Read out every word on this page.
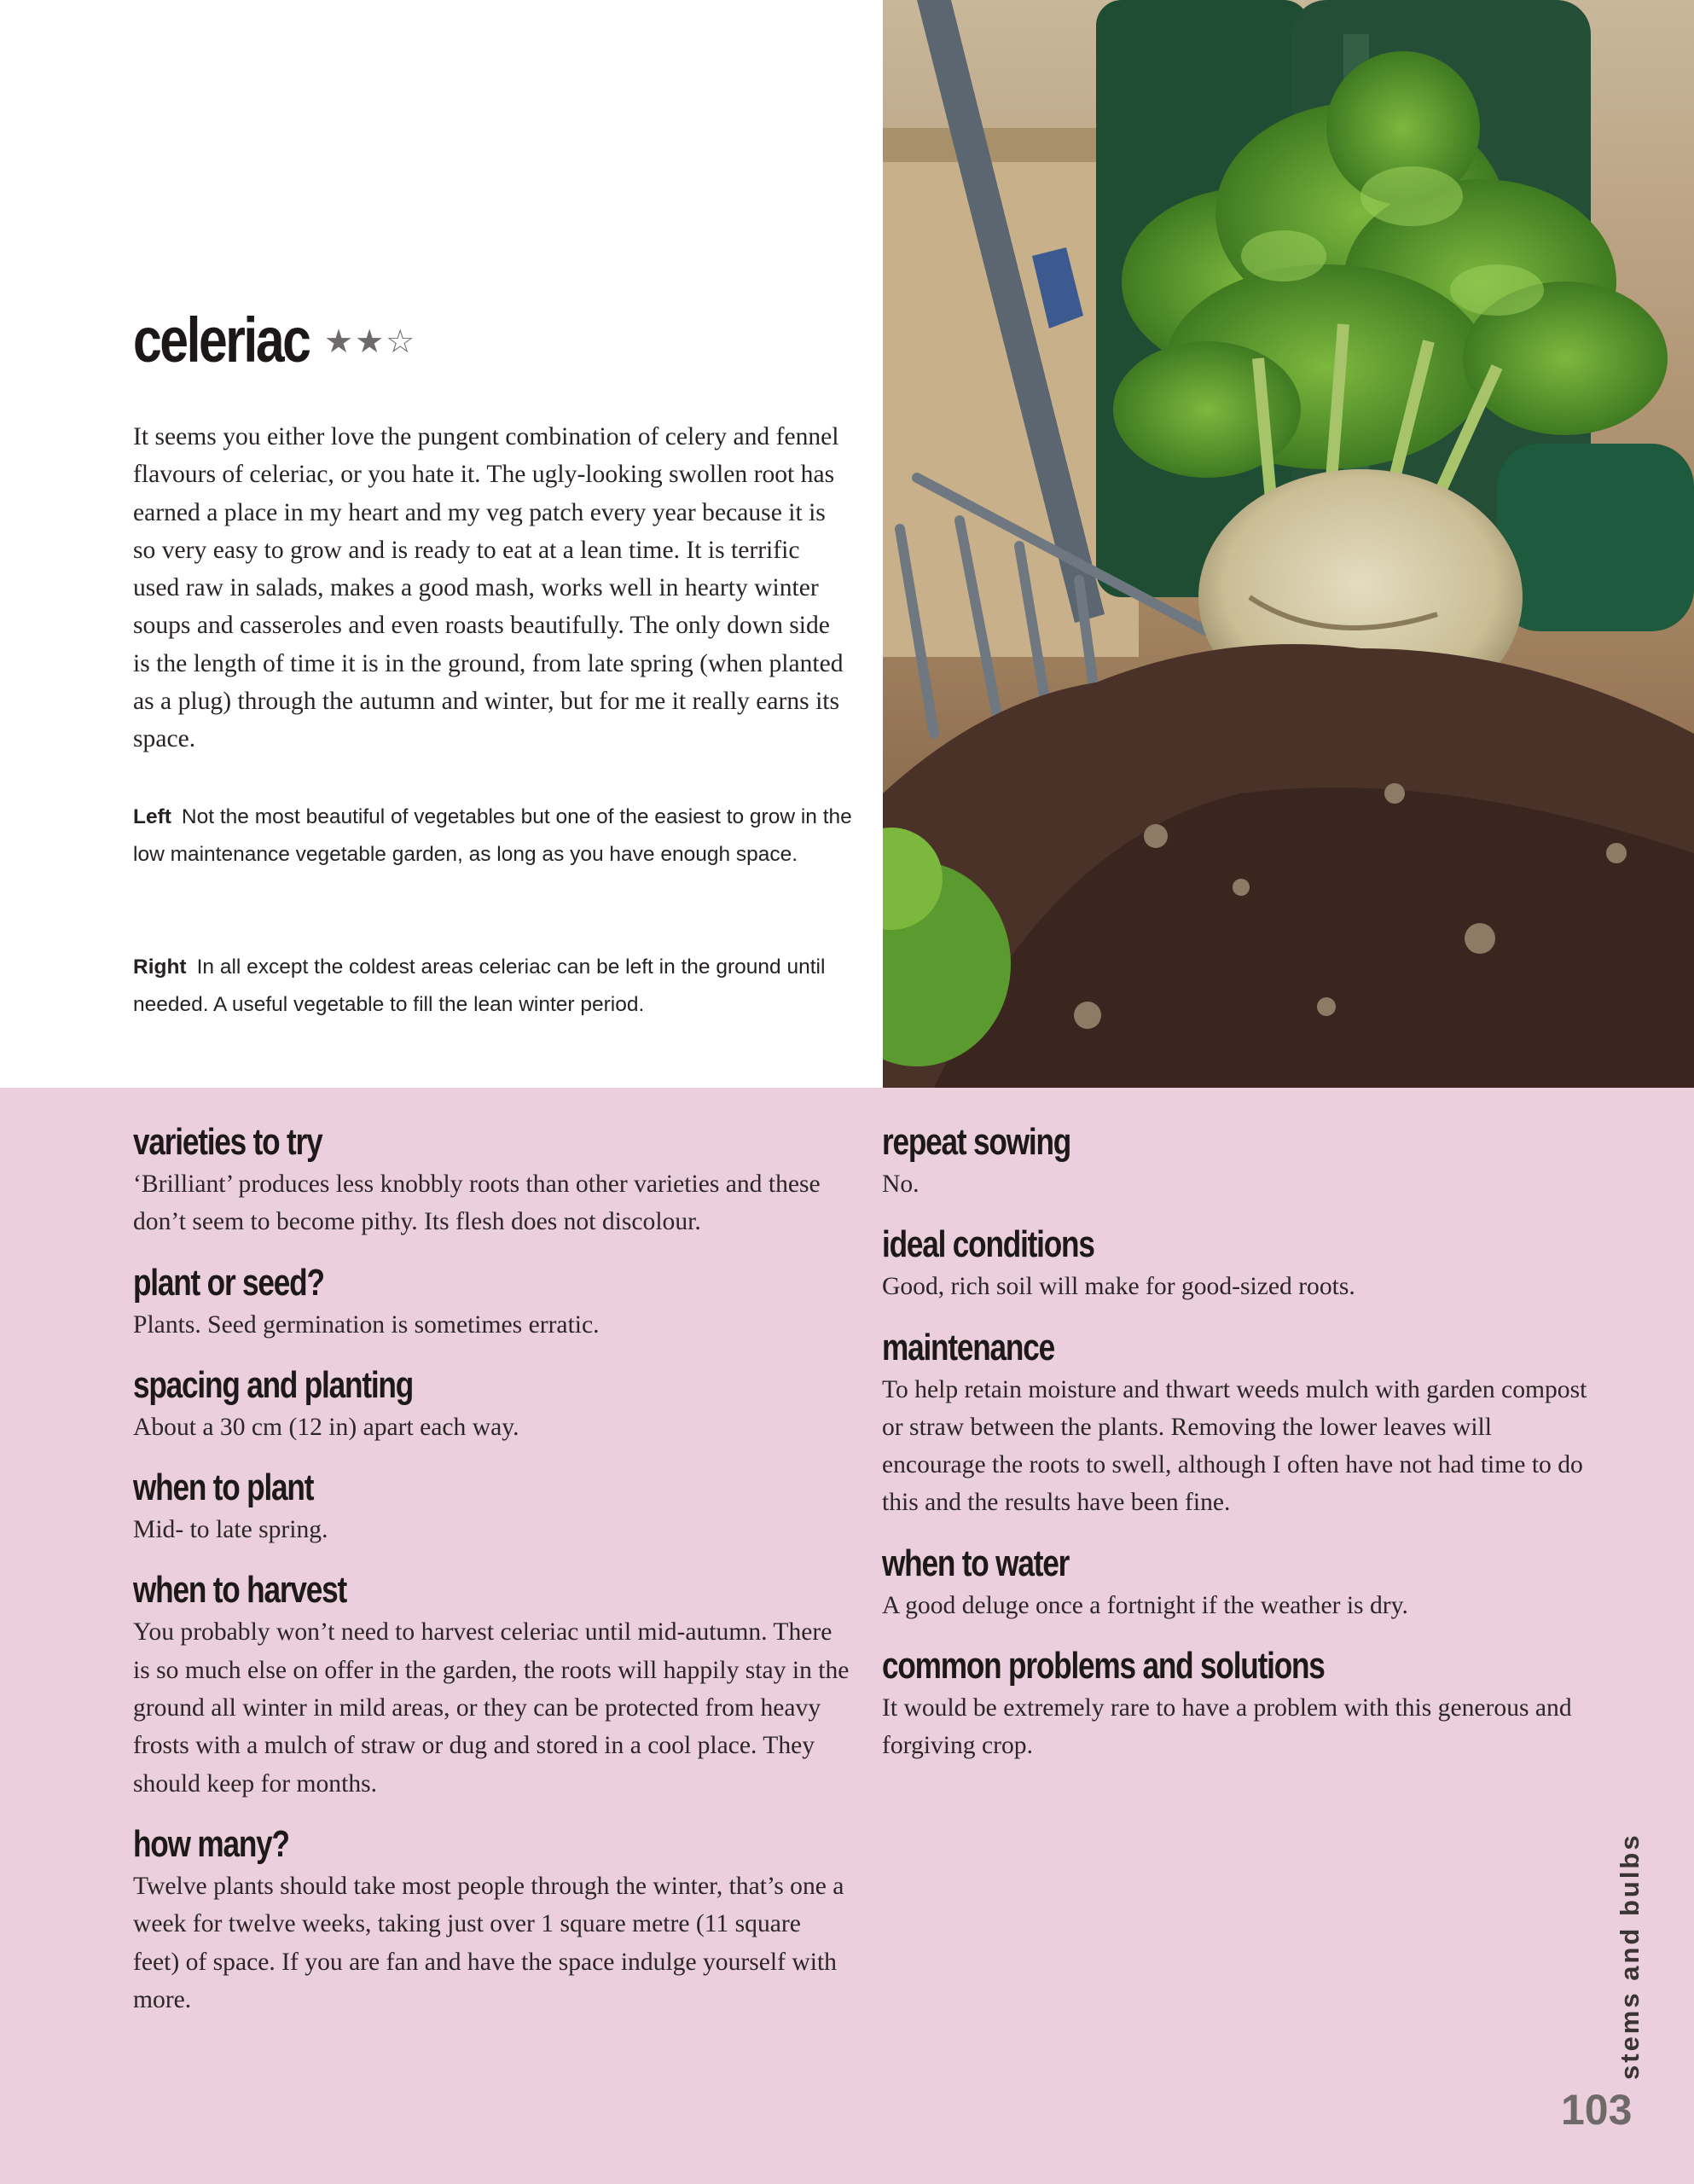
celeriac ★★☆

It seems you either love the pungent combination of celery and fennel flavours of celeriac, or you hate it. The ugly-looking swollen root has earned a place in my heart and my veg patch every year because it is so very easy to grow and is ready to eat at a lean time. It is terrific used raw in salads, makes a good mash, works well in hearty winter soups and casseroles and even roasts beautifully. The only down side is the length of time it is in the ground, from late spring (when planted as a plug) through the autumn and winter, but for me it really earns its space.

Left Not the most beautiful of vegetables but one of the easiest to grow in the low maintenance vegetable garden, as long as you have enough space.

Right In all except the coldest areas celeriac can be left in the ground until needed. A useful vegetable to fill the lean winter period.

varieties to try

‘Brilliant’ produces less knobbly roots than other varieties and these don’t seem to become pithy. Its flesh does not discolour.

plant or seed?

Plants. Seed germination is sometimes erratic.

spacing and planting

About a 30 cm (12 in) apart each way.

when to plant

Mid- to late spring.

when to harvest

You probably won’t need to harvest celeriac until mid-autumn. There is so much else on offer in the garden, the roots will happily stay in the ground all winter in mild areas, or they can be protected from heavy frosts with a mulch of straw or dug and stored in a cool place. They should keep for months.

how many?

Twelve plants should take most people through the winter, that’s one a week for twelve weeks, taking just over 1 square metre (11 square feet) of space. If you are fan and have the space indulge yourself with more.

repeat sowing

No.

ideal conditions

Good, rich soil will make for good-sized roots.

maintenance

To help retain moisture and thwart weeds mulch with garden compost or straw between the plants. Removing the lower leaves will encourage the roots to swell, although I often have not had time to do this and the results have been fine.

when to water

A good deluge once a fortnight if the weather is dry.

common problems and solutions

It would be extremely rare to have a problem with this generous and forgiving crop.

stems and bulbs
103
